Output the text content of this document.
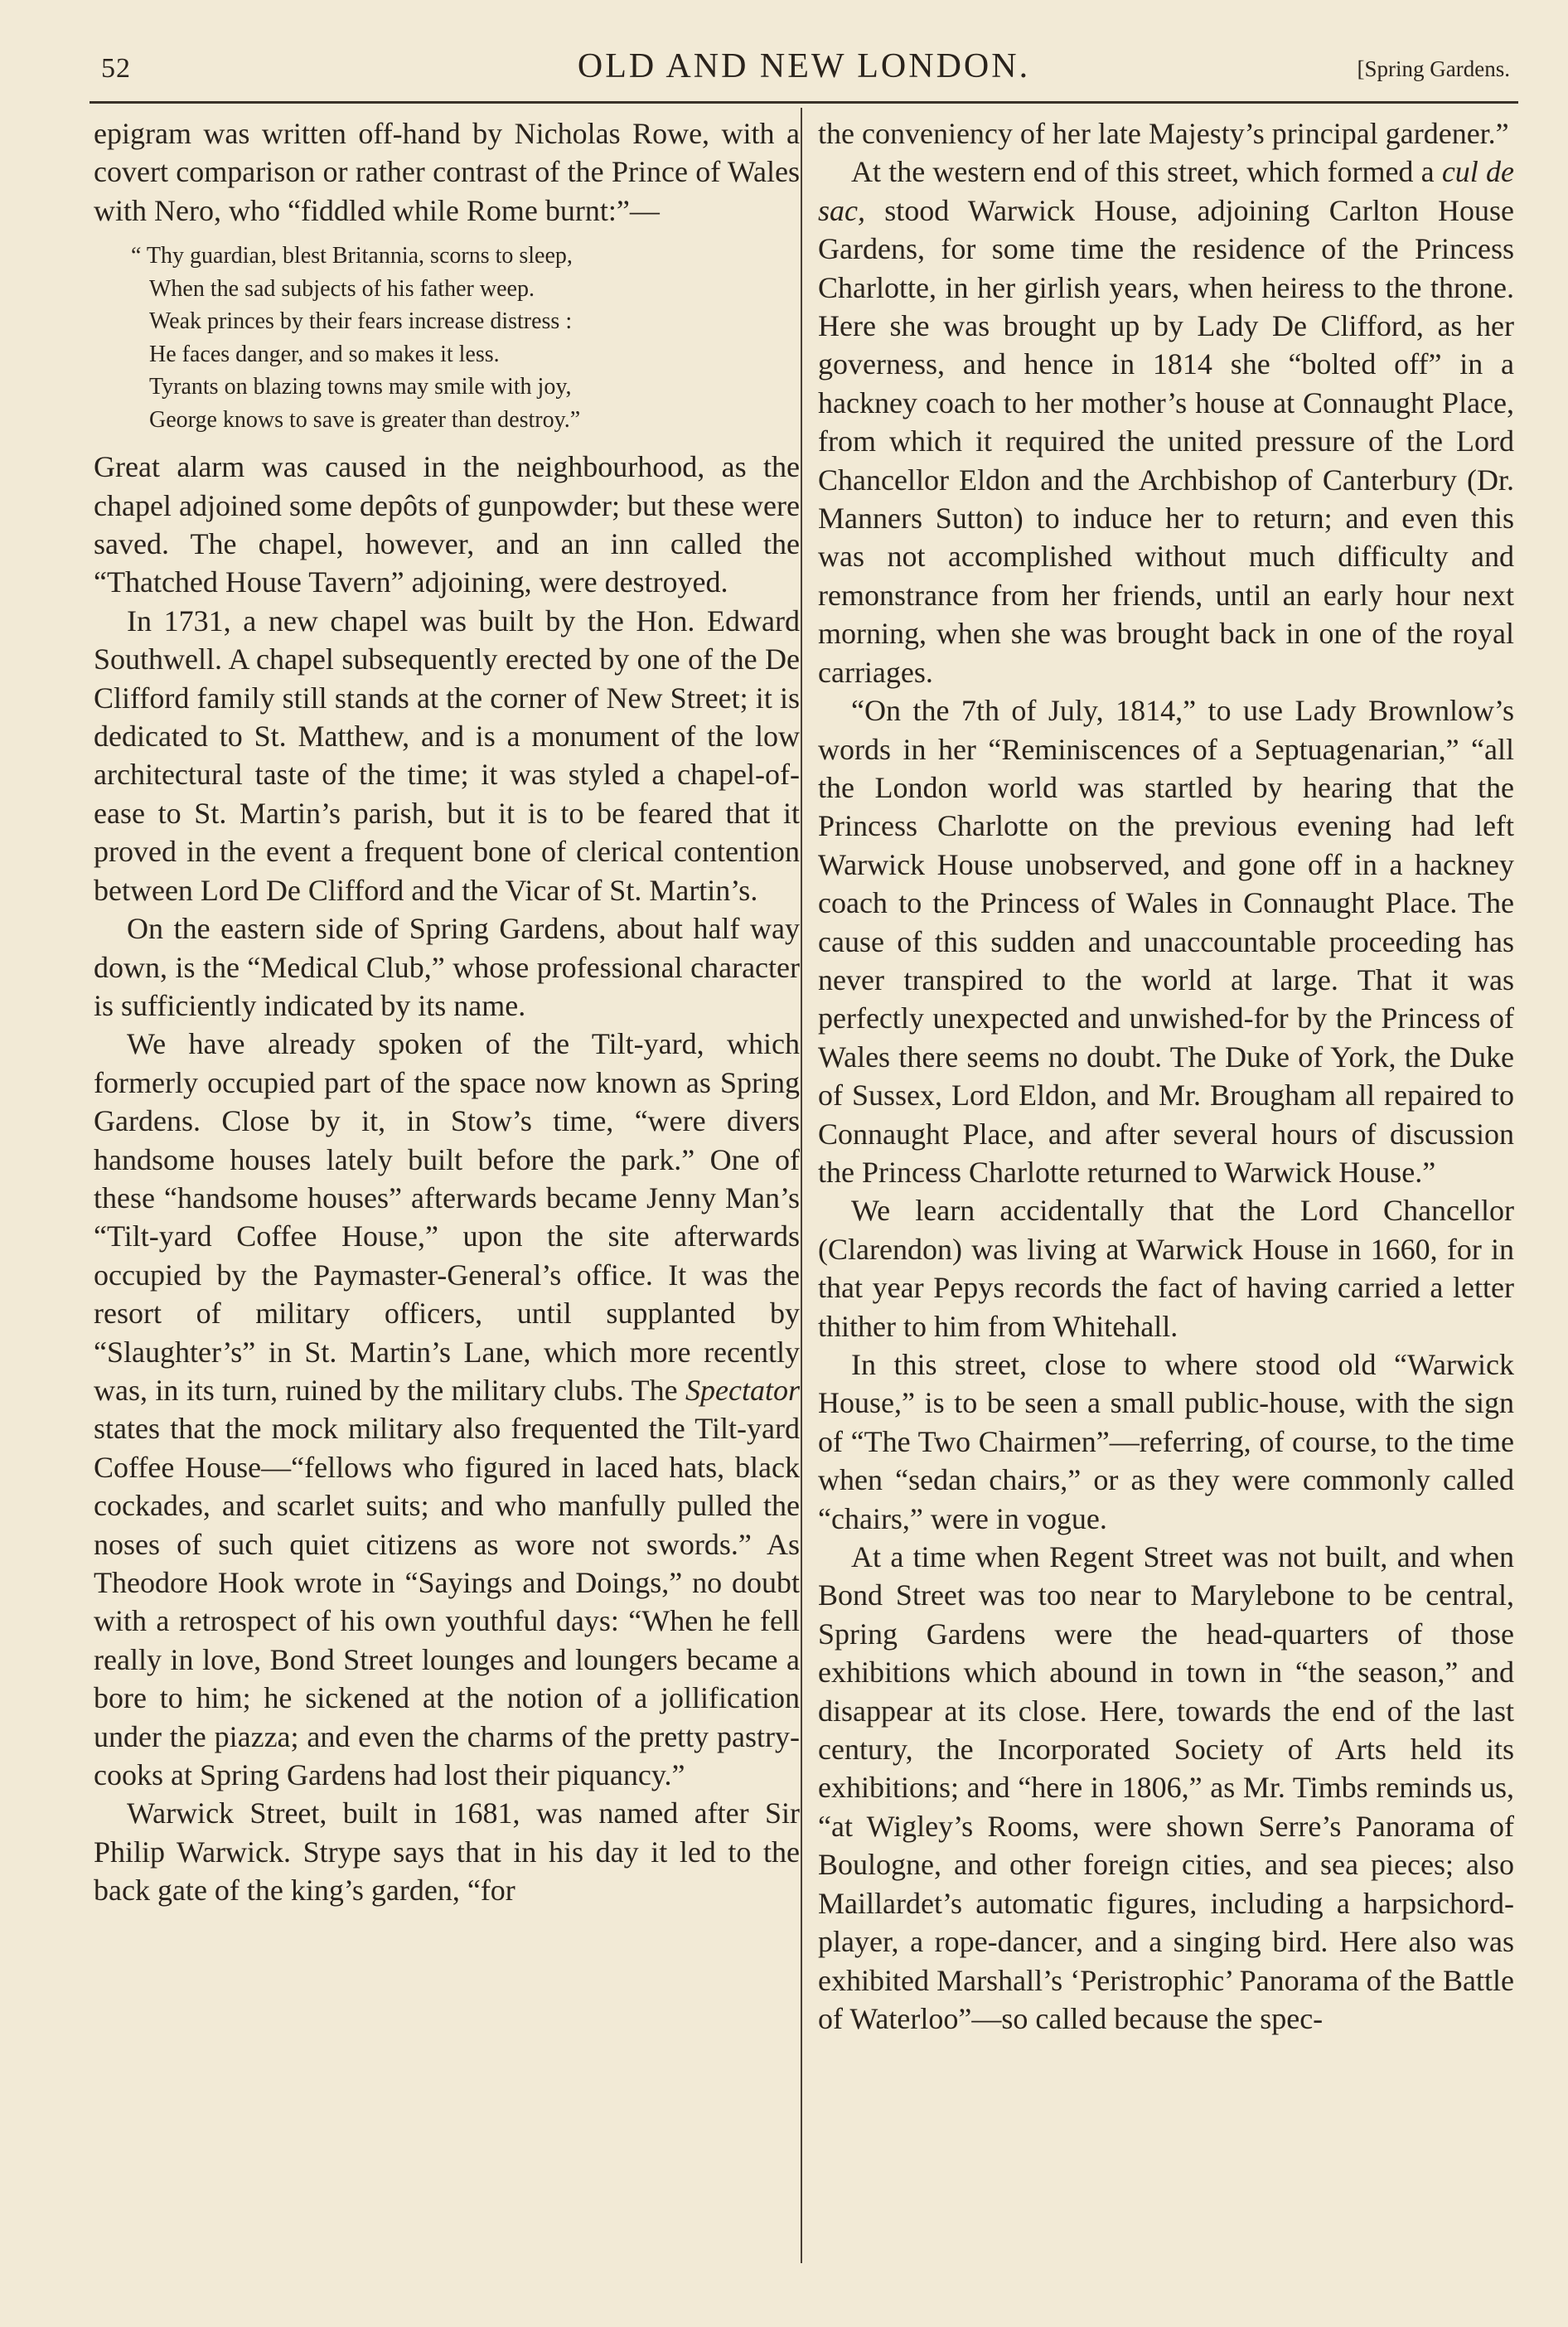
52	OLD AND NEW LONDON.	[Spring Gardens.

epigram was written off-hand by Nicholas Rowe, with a covert comparison or rather contrast of the Prince of Wales with Nero, who “fiddled while Rome burnt:”—

“ Thy guardian, blest Britannia, scorns to sleep,
When the sad subjects of his father weep.
Weak princes by their fears increase distress :
He faces danger, and so makes it less.
Tyrants on blazing towns may smile with joy,
George knows to save is greater than destroy.”

Great alarm was caused in the neighbourhood, as the chapel adjoined some depôts of gunpowder; but these were saved. The chapel, however, and an inn called the “Thatched House Tavern” adjoining, were destroyed.

In 1731, a new chapel was built by the Hon. Edward Southwell. A chapel subsequently erected by one of the De Clifford family still stands at the corner of New Street; it is dedicated to St. Matthew, and is a monument of the low architectural taste of the time; it was styled a chapel-of-ease to St. Martin’s parish, but it is to be feared that it proved in the event a frequent bone of clerical contention between Lord De Clifford and the Vicar of St. Martin’s.

On the eastern side of Spring Gardens, about half way down, is the “Medical Club,” whose professional character is sufficiently indicated by its name.

We have already spoken of the Tilt-yard, which formerly occupied part of the space now known as Spring Gardens. Close by it, in Stow’s time, “were divers handsome houses lately built before the park.” One of these “handsome houses” afterwards became Jenny Man’s “Tilt-yard Coffee House,” upon the site afterwards occupied by the Paymaster-General’s office. It was the resort of military officers, until supplanted by “Slaughter’s” in St. Martin’s Lane, which more recently was, in its turn, ruined by the military clubs. The Spectator states that the mock military also frequented the Tilt-yard Coffee House—“fellows who figured in laced hats, black cockades, and scarlet suits; and who manfully pulled the noses of such quiet citizens as wore not swords.” As Theodore Hook wrote in “Sayings and Doings,” no doubt with a retrospect of his own youthful days: “When he fell really in love, Bond Street lounges and loungers became a bore to him; he sickened at the notion of a jollification under the piazza; and even the charms of the pretty pastry-cooks at Spring Gardens had lost their piquancy.”

Warwick Street, built in 1681, was named after Sir Philip Warwick. Strype says that in his day it led to the back gate of the king’s garden, “for

the conveniency of her late Majesty’s principal gardener.”

At the western end of this street, which formed a cul de sac, stood Warwick House, adjoining Carlton House Gardens, for some time the residence of the Princess Charlotte, in her girlish years, when heiress to the throne. Here she was brought up by Lady De Clifford, as her governess, and hence in 1814 she “bolted off” in a hackney coach to her mother’s house at Connaught Place, from which it required the united pressure of the Lord Chancellor Eldon and the Archbishop of Canterbury (Dr. Manners Sutton) to induce her to return; and even this was not accomplished without much difficulty and remonstrance from her friends, until an early hour next morning, when she was brought back in one of the royal carriages.

“On the 7th of July, 1814,” to use Lady Brownlow’s words in her “Reminiscences of a Septuagenarian,” “all the London world was startled by hearing that the Princess Charlotte on the previous evening had left Warwick House unobserved, and gone off in a hackney coach to the Princess of Wales in Connaught Place. The cause of this sudden and unaccountable proceeding has never transpired to the world at large. That it was perfectly unexpected and unwished-for by the Princess of Wales there seems no doubt. The Duke of York, the Duke of Sussex, Lord Eldon, and Mr. Brougham all repaired to Connaught Place, and after several hours of discussion the Princess Charlotte returned to Warwick House.”

We learn accidentally that the Lord Chancellor (Clarendon) was living at Warwick House in 1660, for in that year Pepys records the fact of having carried a letter thither to him from Whitehall.

In this street, close to where stood old “Warwick House,” is to be seen a small public-house, with the sign of “The Two Chairmen”—referring, of course, to the time when “sedan chairs,” or as they were commonly called “chairs,” were in vogue.

At a time when Regent Street was not built, and when Bond Street was too near to Marylebone to be central, Spring Gardens were the head-quarters of those exhibitions which abound in town in “the season,” and disappear at its close. Here, towards the end of the last century, the Incorporated Society of Arts held its exhibitions; and “here in 1806,” as Mr. Timbs reminds us, “at Wigley’s Rooms, were shown Serre’s Panorama of Boulogne, and other foreign cities, and sea pieces; also Maillardet’s automatic figures, including a harpsichord-player, a rope-dancer, and a singing bird. Here also was exhibited Marshall’s ‘Peristrophic’ Panorama of the Battle of Waterloo”—so called because the spec-
